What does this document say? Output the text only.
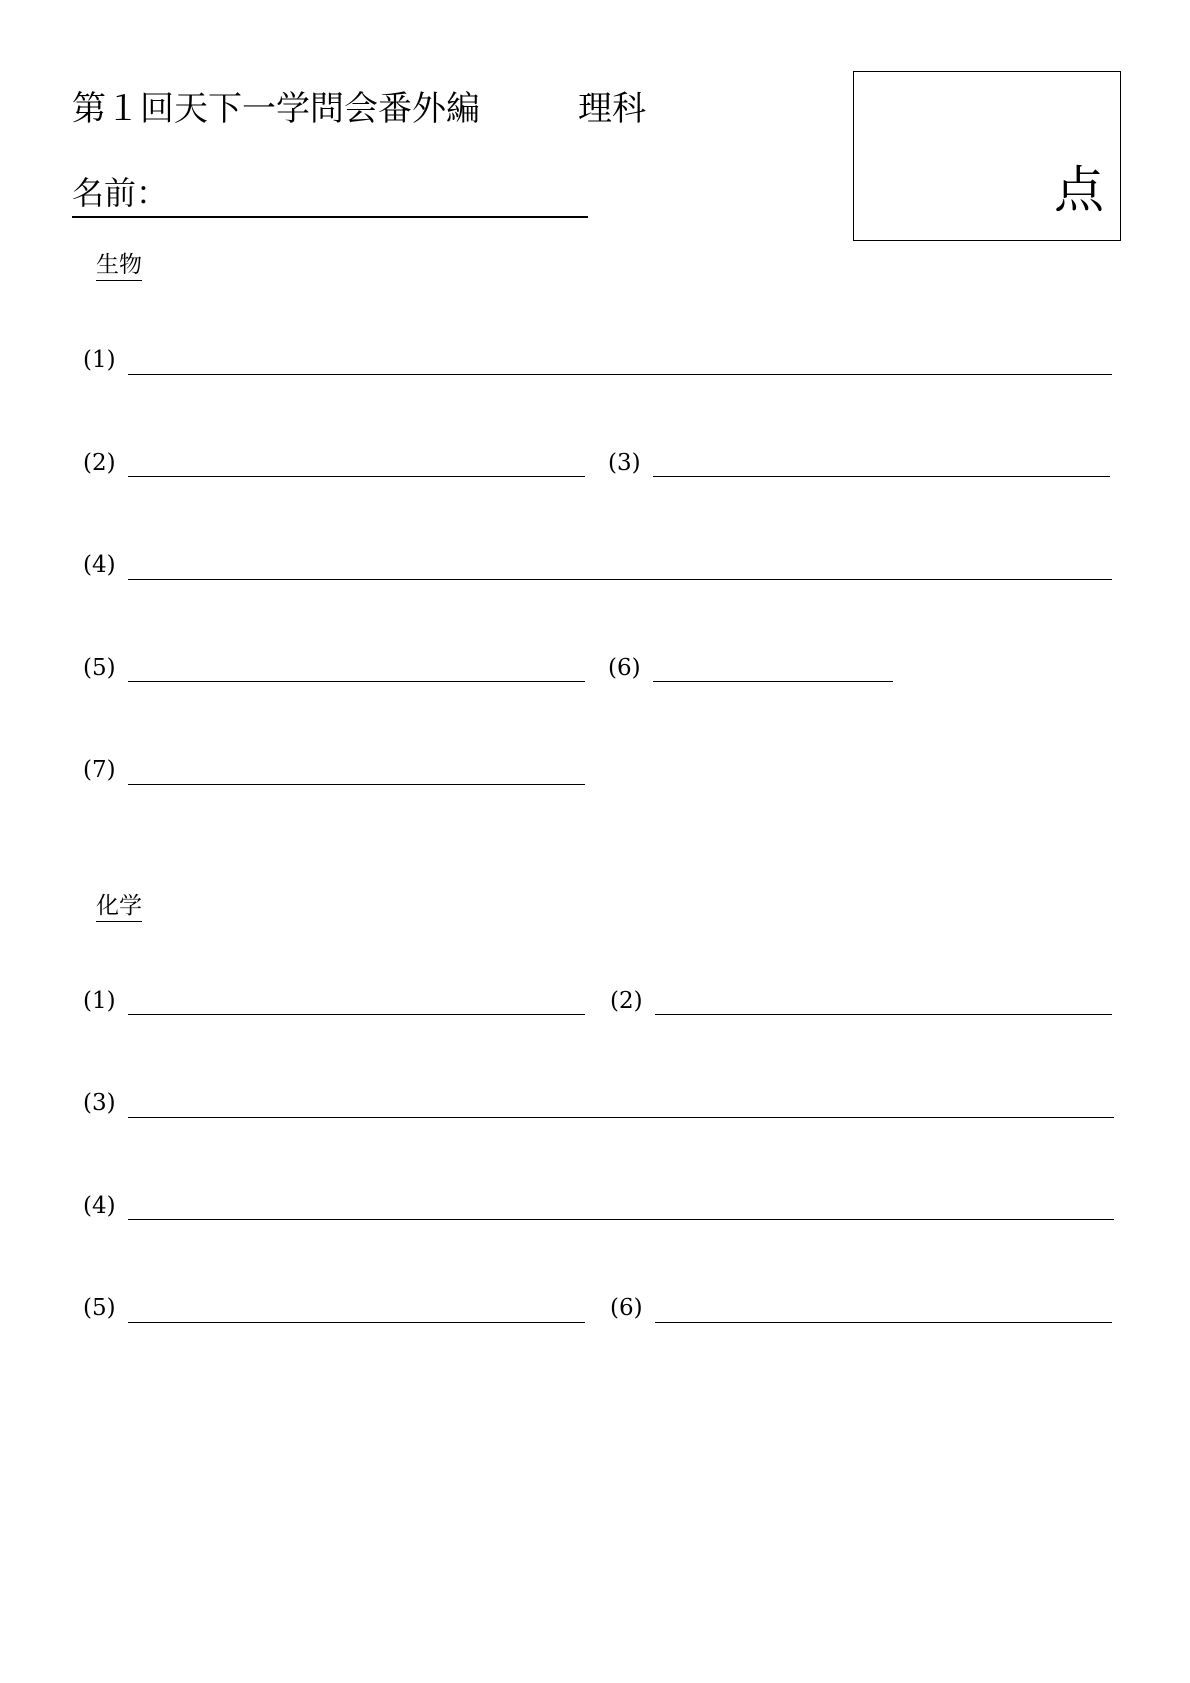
第１回天下一学問会番外編	理科
名前：	点
生物
(1)
(2)	(3)
(4)
(5)	(6)
(7)
化学
(1)	(2)
(3)
(4)
(5)	(6)
